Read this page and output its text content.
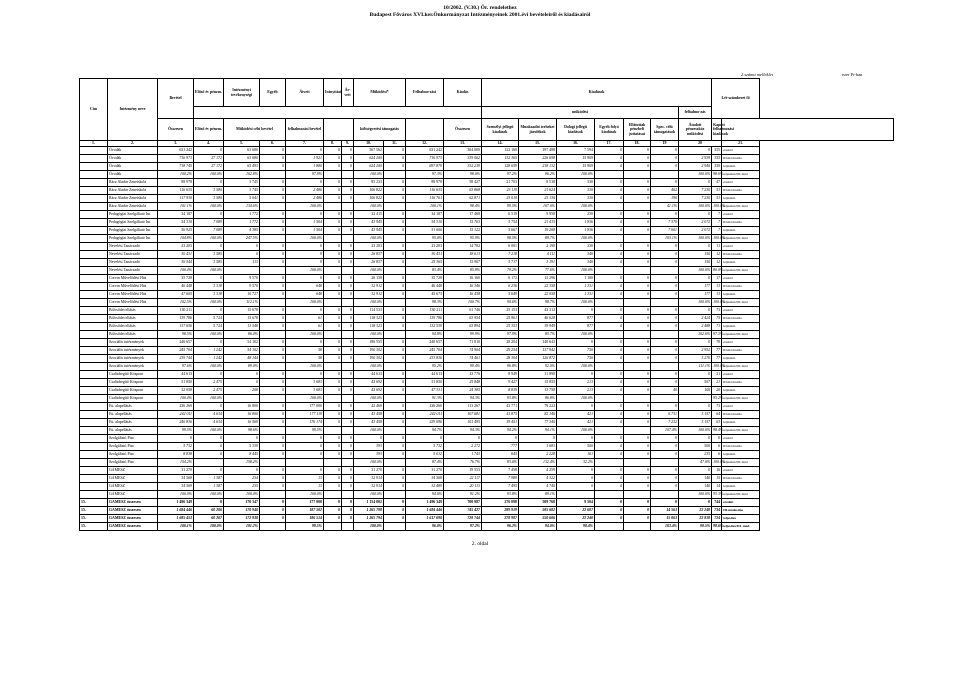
10/2002. (V.30.) Ör. rendelethez
Budapest Főváros XVI.ker.Önkormányzat Intézményeinek 2001.évi bevételeiről és kiadásairól
2.számú melléklet	ezer Ft-ban
Cím	Intézmény neve	Bevétel	Előző év pénzm.	Intézményi tevékenységi	Egyéb	Átvett	Irányítási	Ár-vett	Működési*		Felhalmo-zási	Kiadás	Kiadások							Lét-számkeret fő	
													működési						felhalmo-zás		
		Összesen	Előző év pénzm.	Működési célú bevétel		felhalmozási bevétel			költségvetési támogatás			Összesen	Személyi jellegű kiadások	Munkaadói terheket járulékok	Dologi jellegű kiadások	Egyéb folyó kiadások	Ellátottak pénzbeli juttatásai	Spec. célú támogatások	Átadott pénzeszköz működési	Kapott felhalmozási kiadások	
1.	2.	3.	4.	5.	6.	7.	8.	9.	10.	11.	12.	13.	14.	15.	16.	17.	18.	19	20		21.
	Óvodák	631 242	0	63 680	0	0	0	0	567 562	0	631 242	304 000	122 160	197 488	7 594	0	0	0	0	355	eredeti
	Óvodák	716 973	27 172	63 680	0	1 921	0	0	624 200	0	716 973	339 062	132 365	226 698	15 909	0	0	0	2 939	355	III.módosítás
	Óvodák	718 745	27 172	65 493	0	1 880	0	0	624 200	0	697 879	332 239	128 659	218 132	15 909	0	0	0	2 940	350	teljesítés
	Óvodák	100.2%	100.0%	102.8%		97.9%			100.0%		97.3%	98.0%	97.2%	96.2%	100.0%				100.0%	98.6%	teljesítés/III. mód
	Rácz Aladár Zeneiskola	88 978	0	3 745	0	0	0	0	85 233	0	88 978	58 427	21 703	8 518	330	0	0	0	0	47	eredeti
	Rácz Aladár Zeneiskola	116 635	3 580	3 745	0	2 486	0	0	106 822	0	116 635	63 868	23 119	21 624	330	0	0	462	7 230	51	III.módosítás
	Rácz Aladár Zeneiskola	117 930	3 580	5 041	0	2 486	0	0	106 822	0	116 761	62 871	23 010	23 130	330	0	0	190	7 230	51	teljesítés
	Rácz Aladár Zeneiskola	101.1%	100.0%	134.6%		100.0%			100.0%		100.1%	98.4%	99.5%	107.0%	100.0%			41.1%	100.0%	100.0%	teljesítés/III. mód
	Pedagógiai Szolgáltató Int.	34 187	0	1 772	0	0	0	0	32 415	0	34 187	17 468	6 519	9 950	250	0	0	0	0	7	eredeti
	Pedagógiai Szolgáltató Int.	54 310	7 089	1 772	0	1 504	0	0	43 945	0	54 310	15 763	5 754	21 415	1 936	0	0	7 370	2 072	7	III.módosítás
	Pedagógiai Szolgáltató Int.	56 925	7 089	4 385	0	1 504	0	0	43 945	0	51 606	15 122	5 667	19 208	1 936	0	0	7 601	2 072	7	teljesítés
	Pedagógiai Szolgáltató Int.	104.8%	100.0%	247.5%		100.0%			100.0%		95.0%	95.9%	98.5%	89.7%	100.0%			103.1%	100.0%	100.0%	teljesítés/III. mód
	Nevelési Tanácsadó	23 203	0	0	0	0	0	0	23 203	0	23 203	14 782	6 001	2 190	230	0	0	0	0	11	eredeti
	Nevelési Tanácsadó	30 431	3 585	0	0	9	0	0	26 837	0	30 431	18 613	7 218	4 111	340	0	0	0	150	12	III.módosítás
	Nevelési Tanácsadó	30 544	3 585	113	0	9	0	0	26 837	0	25 365	15 967	5 717	3 191	340	0	0	0	150	12	teljesítés
	Nevelési Tanácsadó	100.4%	100.0%			100.0%			100.0%		83.4%	85.8%	79.2%	77.6%	100.0%				100.0%	80.0%	teljesítés/III. mód
	Corvin Művelődési Ház	35 728	0	9 570	0	0	0	0	26 158	0	35 728	16 160	6 172	12 296	1 100	0	0	0	0	17	eredeti
	Corvin Művelődési Ház	46 448	3 318	9 570	0	648	0	0	32 912	0	46 448	16 346	6 236	22 358	1 331	0	0	0	177	13	III.módosítás
	Corvin Művelődési Ház	47 605	3 318	10 727	0	648	0	0	32 912	0	45 673	16 458	5 649	22 058	1 331	0	0	0	177	13	teljesítés
	Corvin Művelődési Ház	102.5%	100.0%	112.1%		100.0%			100.0%		98.3%	100.7%	90.6%	98.7%	100.0%				100.0%	100.0%	teljesítés/III. mód
	Bölcsődei ellátás	130 211	0	15 678	0	0	0	0	114 533	0	130 211	61 746	25 153	43 312	0	0	0	0	0	73	eredeti
	Bölcsődei ellátás	139 786	5 724	15 678	0	61	0	0	118 323	0	139 786	63 954	25 961	46 628	877	0	0	0	2 424	75	III.módosítás
	Bölcsődei ellátás	137 656	5 724	13 548	0	61	0	0	118 323	0	132 539	63 894	25 353	39 949	877	0	0	0	2 488	71	teljesítés
	Bölcsődei ellátás	98.5%	100.0%	86.4%		100.0%			100.0%		94.8%	99.9%	97.9%	85.7%	100.0%				102.6%	97.3%	teljesítés/III. mód
	Szociális intézmények	240 657	0	54 102	0	0	0	0	186 555	0	240 657	71 810	28 204	140 643	0	0	0	0	0	78	eredeti
	Szociális intézmények	245 704	1 242	54 102	0	58	0	0	190 302	0	245 704	74 904	29 254	137 942	750	0	0	0	2 952	77	III.módosítás
	Szociális intézmények	239 744	1 242	48 144	0	58	0	0	190 302	0	233 836	74 461	28 304	126 872	750	0	0	0	3 276	77	teljesítés
	Szociális intézmények	97.6%	100.0%	89.0%		100.0%			100.0%		95.2%	99.4%	96.8%	92.0%	100.0%				111.1%	100.0%	teljesítés/III. mód
	Családsegítő Központ	44 613	0	0	0	0	0	0	44 613	0	44 613	23 776	8 949	11 890	0	0	0	0	0	21	eredeti
	Családsegítő Központ	51 850	2 475	0	0	3 683	0	0	45 692	0	51 850	25 848	9 427	15 855	213	0	0	0	507	21	III.módosítás
	Családsegítő Központ	52 058	2 475	208	0	3 683	0	0	45 692	0	47 331	24 385	8 839	13 758	213	0	0	40	100	20	teljesítés
	Családsegítő Központ	100.4%	100.0%			100.0%			100.0%		91.3%	94.3%	93.8%	86.8%	100.0%					95.2%	teljesítés/III. mód
	Eü. alapellátás	236 260	0	16 800	0	177 000	0	0	42 460	0	236 260	113 267	43 771	79 222	0	0	0	0	0	73	eredeti
	Eü. alapellátás	242 011	4 634	16 800	0	177 119	0	0	43 458	0	242 011	107 681	41 875	82 146	421	0	0	6 731	3 157	64	III.módosítás
	Eü. alapellátás	240 836	4 634	16 569	0	176 174	0	0	43 458	0	229 096	101 495	39 451	77 340	421	0	0	7 232	3 157	63	teljesítés
	Eü. alapellátás	99.5%	100.0%	98.6%		99.5%			100.0%		94.7%	94.3%	94.2%	94.1%	100.0%			107.4%	100.0%	98.4%	teljesítés/III. mód
	Szolgáltató Piac	0	0	0	0	0	0	0	0	0	0	0	0	0	0	0	0	0	0	0	eredeti
	Szolgáltató Piac	5 732	0	5 339	0	0	0	0	393	0	5 732	2 272	777	1 683	500	0	0	0	500	6	III.módosítás
	Szolgáltató Piac	8 838	0	8 445	0	0	0	0	393	0	5 012	1 743	645	2 228	161	0	0	0	235	6	teljesítés
	Szolgáltató Piac	154.2%		158.2%					100.0%		87.4%	76.7%	83.0%	132.4%	32.2%				47.0%	100.0%	teljesítés/III. mód
	GAMESZ	31 270	0	0	0	0	0	0	31 270	0	31 270	19 553	7 458	4 259	0	0	0	0	0	16	eredeti
	GAMESZ	34 568	1 387	254	0	13	0	0	32 914	0	34 568	22 117	7 989	4 322	0	0	0	0	140	15	III.módosítás
	GAMESZ	34 569	1 387	255	0	13	0	0	32 914	0	32 489	20 113	7 495	4 740	0	0	0	0	140	14	teljesítés
	GAMESZ	100.0%	100.0%	100.4%		100.0%			100.0%		94.0%	91.2%	93.8%	89.1%					100.0%	93.3%	teljesítés/III. mód
15.	GAMESZ összesen	1 496 349	0	170 347	0	177 000	0	0	1 154 002	0	1 496 349	700 987	276 098	509 768	9 504	0	0	0	0	744	eredeti
15.	GAMESZ összesen	1 684 446	60 206	170 940	0	187 502	0	0	1 265 798	0	1 684 446	745 427	289 919	585 682	22 607	0	0	14 563	22 248	734	III.módosítás
15.	GAMESZ összesen	1 685 453	60 207	172 938	0	186 514	0	0	1 265 794	0	1 617 690	728 744	278 987	550 606	22 240	0	0	15 063	22 818	724	teljesítés
15.	GAMESZ összesen	100.1%	100.0%	101.2%		99.5%			100.0%		96.0%	97.2%	96.2%	94.0%	98.4%			103.4%	98.5%	98.6%	teljesítés/III. mód
2. oldal
